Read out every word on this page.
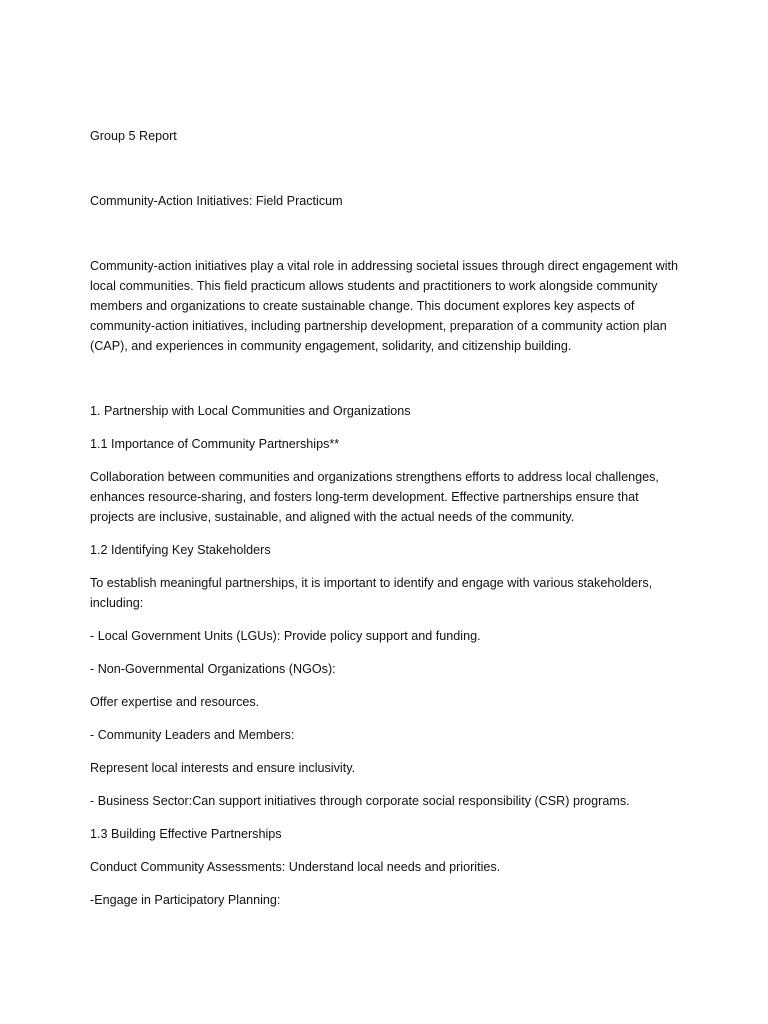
Group 5 Report

Community-Action Initiatives: Field Practicum

Community-action initiatives play a vital role in addressing societal issues through direct engagement with local communities. This field practicum allows students and practitioners to work alongside community members and organizations to create sustainable change. This document explores key aspects of community-action initiatives, including partnership development, preparation of a community action plan (CAP), and experiences in community engagement, solidarity, and citizenship building.

1. Partnership with Local Communities and Organizations

1.1 Importance of Community Partnerships**

Collaboration between communities and organizations strengthens efforts to address local challenges, enhances resource-sharing, and fosters long-term development. Effective partnerships ensure that projects are inclusive, sustainable, and aligned with the actual needs of the community.

1.2 Identifying Key Stakeholders

To establish meaningful partnerships, it is important to identify and engage with various stakeholders, including:

- Local Government Units (LGUs): Provide policy support and funding.

- Non-Governmental Organizations (NGOs):

Offer expertise and resources.

- Community Leaders and Members:

Represent local interests and ensure inclusivity.

- Business Sector:Can support initiatives through corporate social responsibility (CSR) programs.

1.3 Building Effective Partnerships

Conduct Community Assessments: Understand local needs and priorities.

-Engage in Participatory Planning:
